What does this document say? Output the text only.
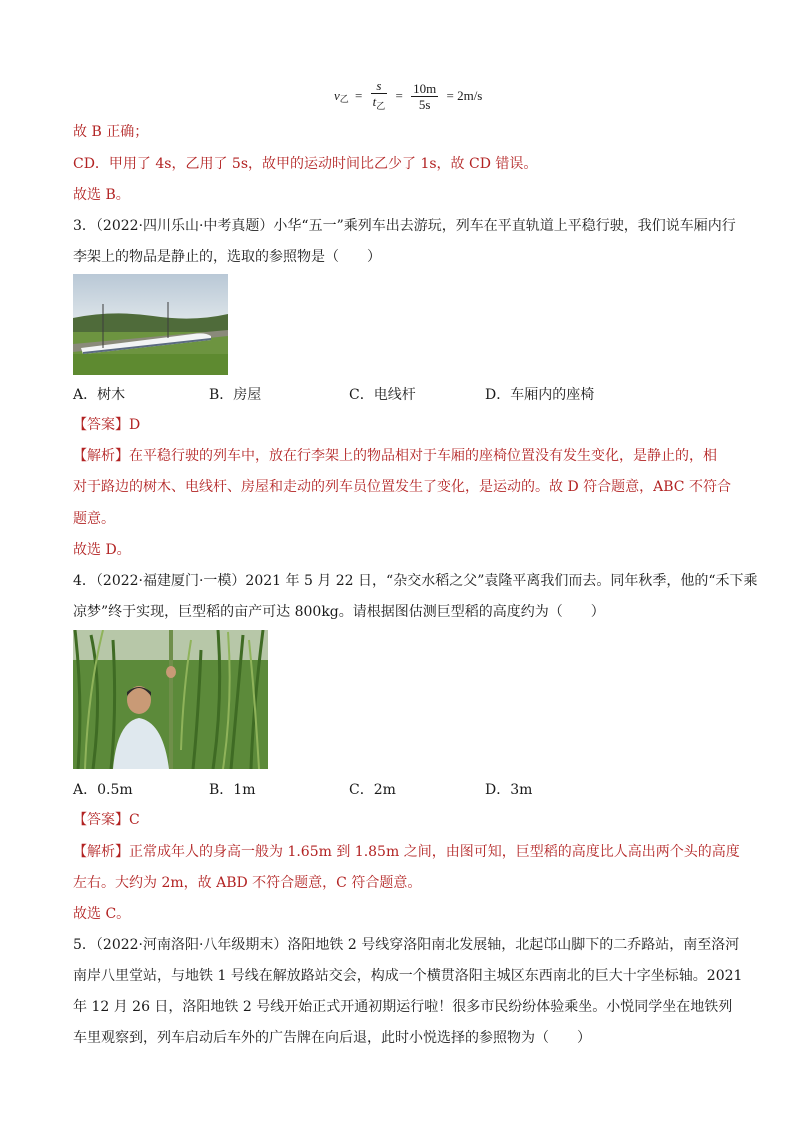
$v_乙 = \frac{s}{t_乙} = \frac{10m}{5s} = 2m/s$
故 B 正确；
CD．甲用了 4s，乙用了 5s，故甲的运动时间比乙少了 1s，故 CD 错误。
故选 B。
3．（2022·四川乐山·中考真题）小华“五一”乘列车出去游玩，列车在平直轨道上平稳行驶，我们说车厢内行
李架上的物品是静止的，选取的参照物是（　　）
A．树木	B．房屋	C．电线杆	D．车厢内的座椅
【答案】D
【解析】在平稳行驶的列车中，放在行李架上的物品相对于车厢的座椅位置没有发生变化，是静止的，相
对于路边的树木、电线杆、房屋和走动的列车员位置发生了变化，是运动的。故 D 符合题意，ABC 不符合
题意。
故选 D。
4．（2022·福建厦门·一模）2021 年 5 月 22 日，“杂交水稻之父”袁隆平离我们而去。同年秋季，他的“禾下乘
凉梦”终于实现，巨型稻的亩产可达 800kg。请根据图估测巨型稻的高度约为（　　）
A．0.5m	B．1m	C．2m	D．3m
【答案】C
【解析】正常成年人的身高一般为 1.65m 到 1.85m 之间，由图可知，巨型稻的高度比人高出两个头的高度
左右。大约为 2m，故 ABD 不符合题意，C 符合题意。
故选 C。
5．（2022·河南洛阳·八年级期末）洛阳地铁 2 号线穿洛阳南北发展轴，北起邙山脚下的二乔路站，南至洛河
南岸八里堂站，与地铁 1 号线在解放路站交会，构成一个横贯洛阳主城区东西南北的巨大十字坐标轴。2021
年 12 月 26 日，洛阳地铁 2 号线开始正式开通初期运行啦！很多市民纷纷体验乘坐。小悦同学坐在地铁列
车里观察到，列车启动后车外的广告牌在向后退，此时小悦选择的参照物为（　　）
